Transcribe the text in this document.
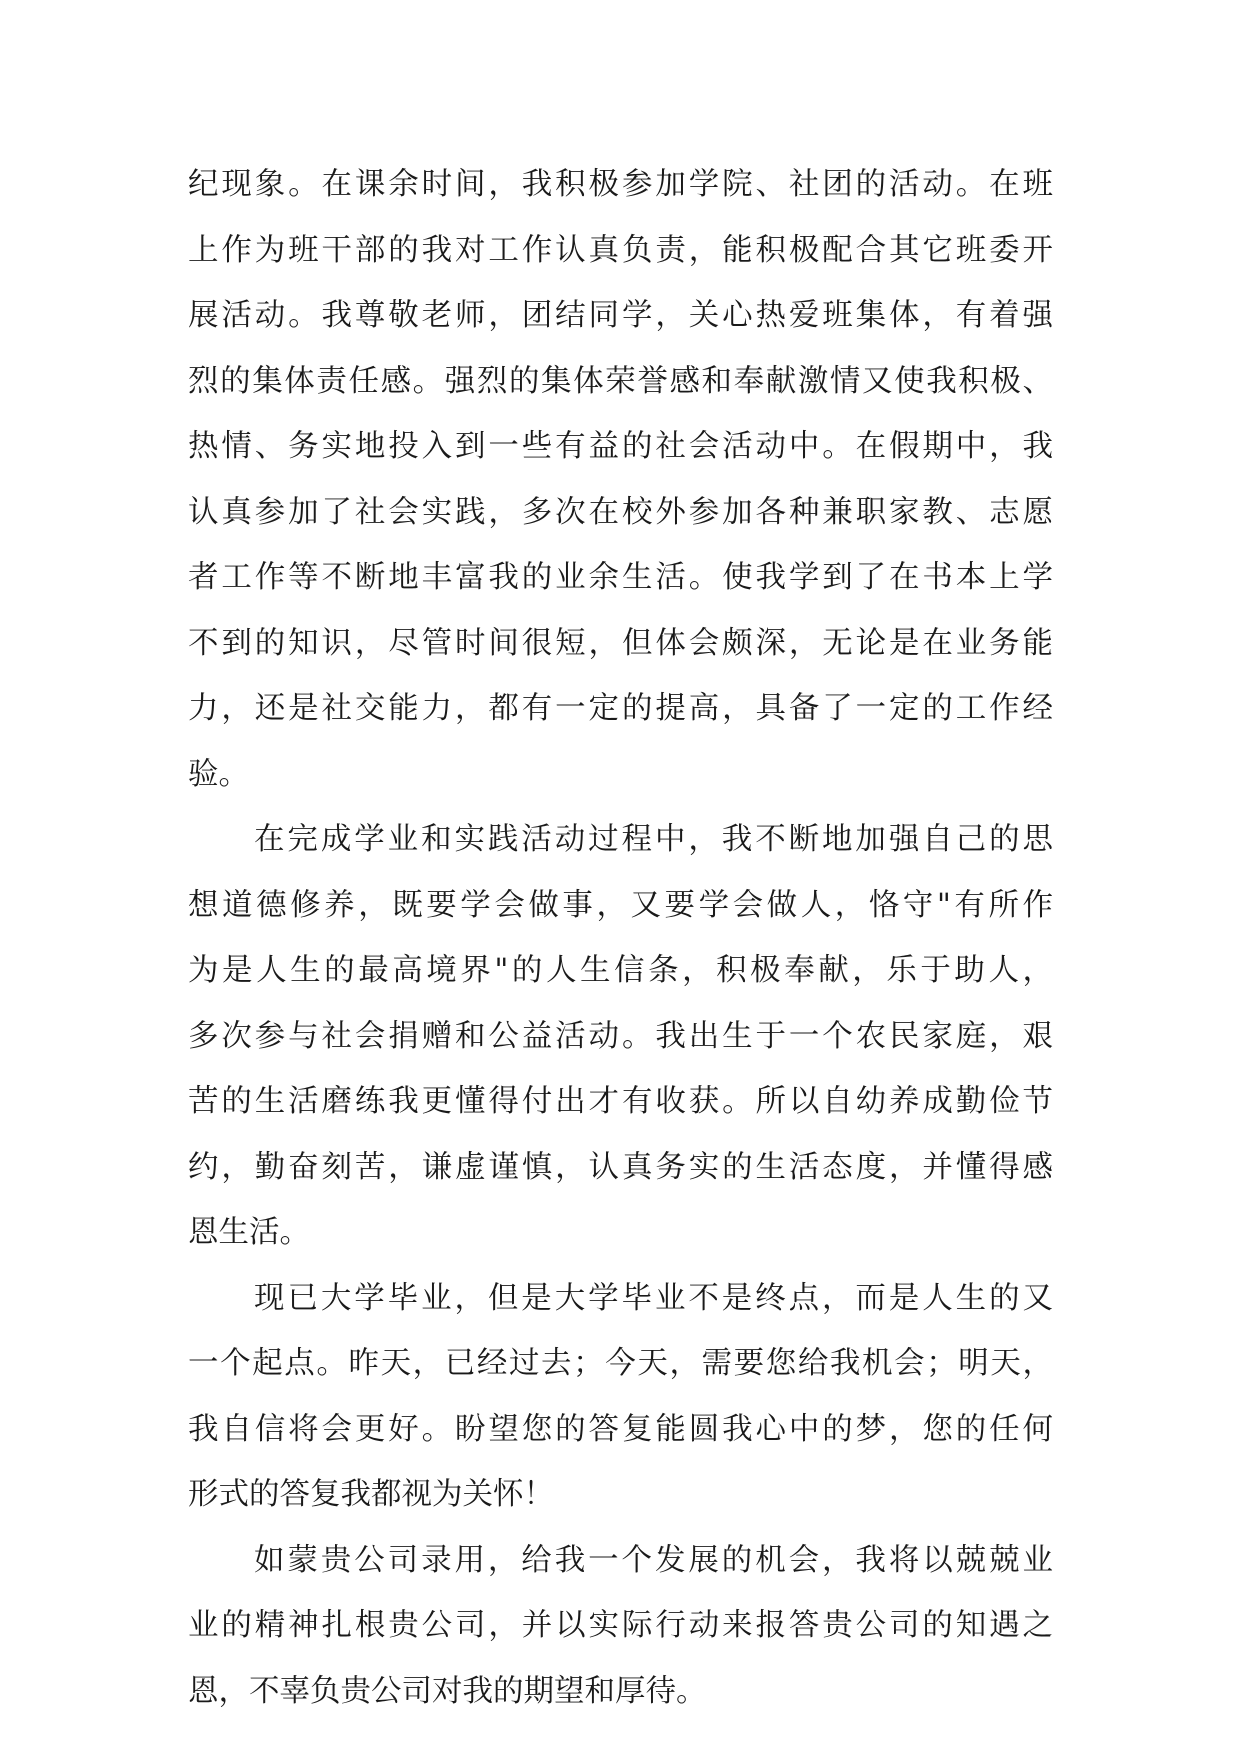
纪现象。在课余时间，我积极参加学院、社团的活动。在班
上作为班干部的我对工作认真负责，能积极配合其它班委开
展活动。我尊敬老师，团结同学，关心热爱班集体，有着强
烈的集体责任感。强烈的集体荣誉感和奉献激情又使我积极、
热情、务实地投入到一些有益的社会活动中。在假期中，我
认真参加了社会实践，多次在校外参加各种兼职家教、志愿
者工作等不断地丰富我的业余生活。使我学到了在书本上学
不到的知识，尽管时间很短，但体会颇深，无论是在业务能
力，还是社交能力，都有一定的提高，具备了一定的工作经
验。
在完成学业和实践活动过程中，我不断地加强自己的思
想道德修养，既要学会做事，又要学会做人，恪守"有所作
为是人生的最高境界"的人生信条，积极奉献，乐于助人，
多次参与社会捐赠和公益活动。我出生于一个农民家庭，艰
苦的生活磨练我更懂得付出才有收获。所以自幼养成勤俭节
约，勤奋刻苦，谦虚谨慎，认真务实的生活态度，并懂得感
恩生活。
现已大学毕业，但是大学毕业不是终点，而是人生的又
一个起点。昨天，已经过去；今天，需要您给我机会；明天，
我自信将会更好。盼望您的答复能圆我心中的梦，您的任何
形式的答复我都视为关怀！
如蒙贵公司录用，给我一个发展的机会，我将以兢兢业
业的精神扎根贵公司，并以实际行动来报答贵公司的知遇之
恩，不辜负贵公司对我的期望和厚待。
